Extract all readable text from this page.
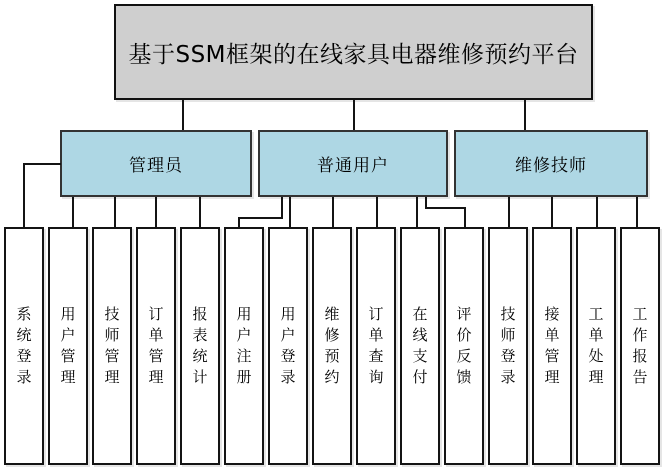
基于SSM框架的在线家具电器维修预约平台
管理员	普通用户	维修技师
系统登录
用户管理
技师管理
订单管理
报表统计
用户注册
用户登录
维修预约
订单查询
在线支付
评价反馈
技师登录
接单管理
工单处理
工作报告
